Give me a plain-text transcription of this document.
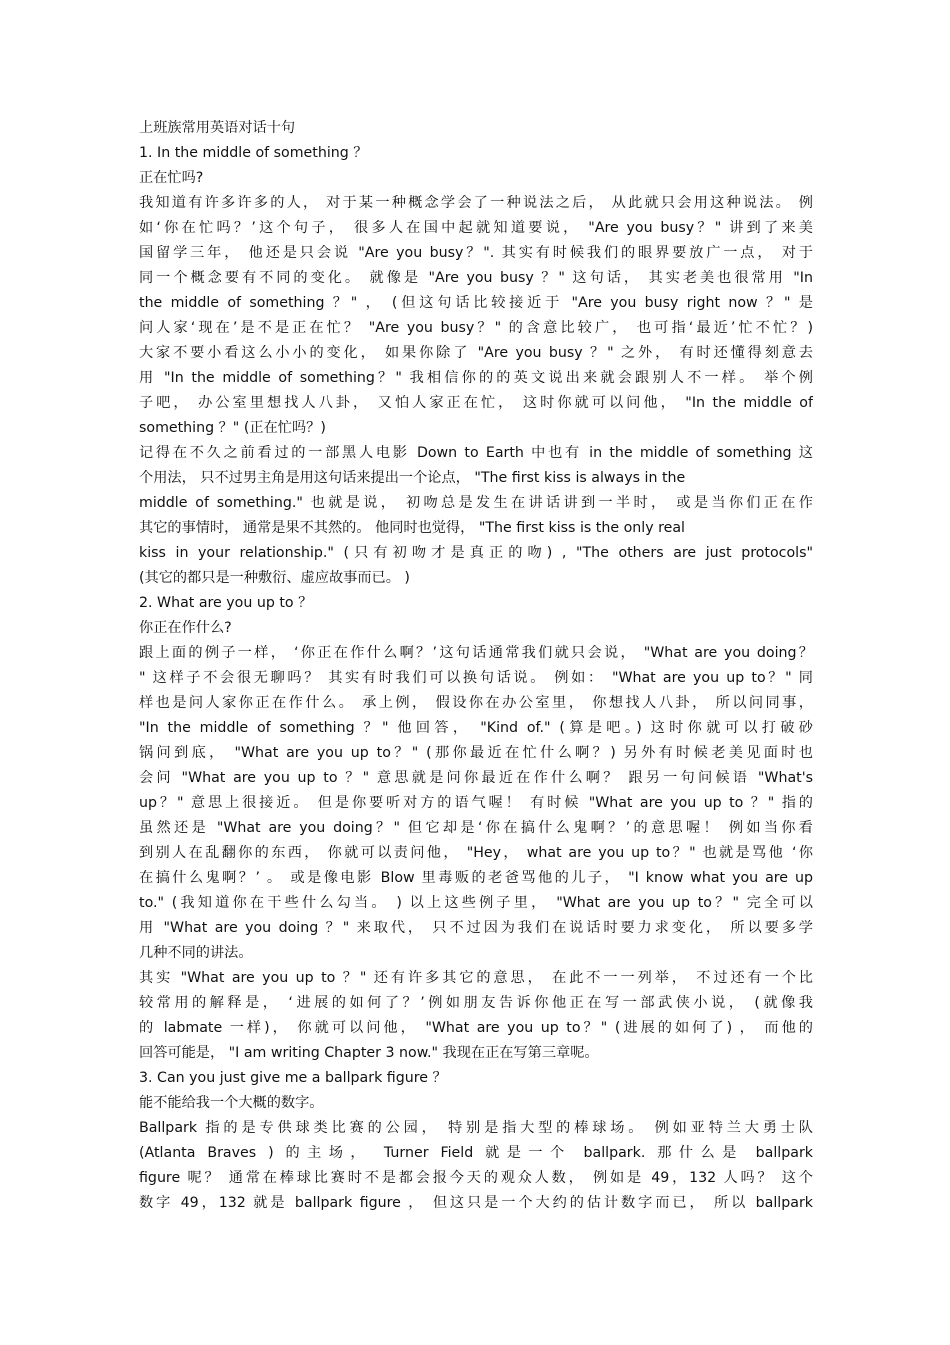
上班族常用英语对话十句
1. In the middle of something ？
正在忙吗?
我知道有许多许多的人， 对于某一种概念学会了一种说法之后， 从此就只会用这种说法。 例
如‘你在忙吗？’这个句子， 很多人在国中起就知道要说， "Are you busy？" 讲到了来美
国留学三年， 他还是只会说 "Are you busy？". 其实有时候我们的眼界要放广一点， 对于
同一个概念要有不同的变化。 就像是 "Are you busy ？" 这句话， 其实老美也很常用 "In
the middle of something ？" ， (但这句话比较接近于 "Are you busy right now ？" 是
问人家‘现在’是不是正在忙？ "Are you busy？" 的含意比较广， 也可指‘最近’忙不忙？)
大家不要小看这么小小的变化， 如果你除了 "Are you busy ？" 之外， 有时还懂得刻意去
用 "In the middle of something？" 我相信你的的英文说出来就会跟别人不一样。 举个例
子吧， 办公室里想找人八卦， 又怕人家正在忙， 这时你就可以问他， "In the middle of
something ？" (正在忙吗？)
记得在不久之前看过的一部黑人电影 Down to Earth 中也有 in the middle of something 这
个用法， 只不过男主角是用这句话来提出一个论点， "The first kiss is always in the
middle of something." 也就是说， 初吻总是发生在讲话讲到一半时， 或是当你们正在作
其它的事情时， 通常是果不其然的。 他同时也觉得， "The first kiss is the only real
kiss in your relationship." (只有初吻才是真正的吻) , "The others are just protocols"
(其它的都只是一种敷衍、虚应故事而已。 )
2. What are you up to ？
你正在作什么?
跟上面的例子一样， ‘你正在作什么啊？’这句话通常我们就只会说， "What are you doing？
" 这样子不会很无聊吗？ 其实有时我们可以换句话说。 例如： "What are you up to？" 同
样也是问人家你正在作什么。 承上例， 假设你在办公室里， 你想找人八卦， 所以问同事，
"In the middle of something ？" 他回答， "Kind of." (算是吧。) 这时你就可以打破砂
锅问到底， "What are you up to？" (那你最近在忙什么啊？) 另外有时候老美见面时也
会问 "What are you up to ？" 意思就是问你最近在作什么啊？ 跟另一句问候语 "What's
up？" 意思上很接近。 但是你要听对方的语气喔！ 有时候 "What are you up to ？" 指的
虽然还是 "What are you doing？" 但它却是‘你在搞什么鬼啊？’的意思喔！ 例如当你看
到别人在乱翻你的东西， 你就可以责问他， "Hey， what are you up to？" 也就是骂他 ‘你
在搞什么鬼啊？’ 。 或是像电影 Blow 里毒贩的老爸骂他的儿子， "I know what you are up
to." (我知道你在干些什么勾当。 ) 以上这些例子里， "What are you up to？" 完全可以
用 "What are you doing ？" 来取代， 只不过因为我们在说话时要力求变化， 所以要多学
几种不同的讲法。
其实 "What are you up to ？" 还有许多其它的意思， 在此不一一列举， 不过还有一个比
较常用的解释是， ‘进展的如何了？’例如朋友告诉你他正在写一部武侠小说， (就像我
的 labmate 一样)， 你就可以问他， "What are you up to？" (进展的如何了) ， 而他的
回答可能是， "I am writing Chapter 3 now." 我现在正在写第三章呢。
3. Can you just give me a ballpark figure ？
能不能给我一个大概的数字。
Ballpark 指的是专供球类比赛的公园， 特别是指大型的棒球场。 例如亚特兰大勇士队
(Atlanta Braves ) 的主场， Turner Field 就是一个 ballpark. 那什么是 ballpark
figure 呢？ 通常在棒球比赛时不是都会报今天的观众人数， 例如是 49，132 人吗？ 这个
数字 49，132 就是 ballpark figure ， 但这只是一个大约的估计数字而已， 所以 ballpark
